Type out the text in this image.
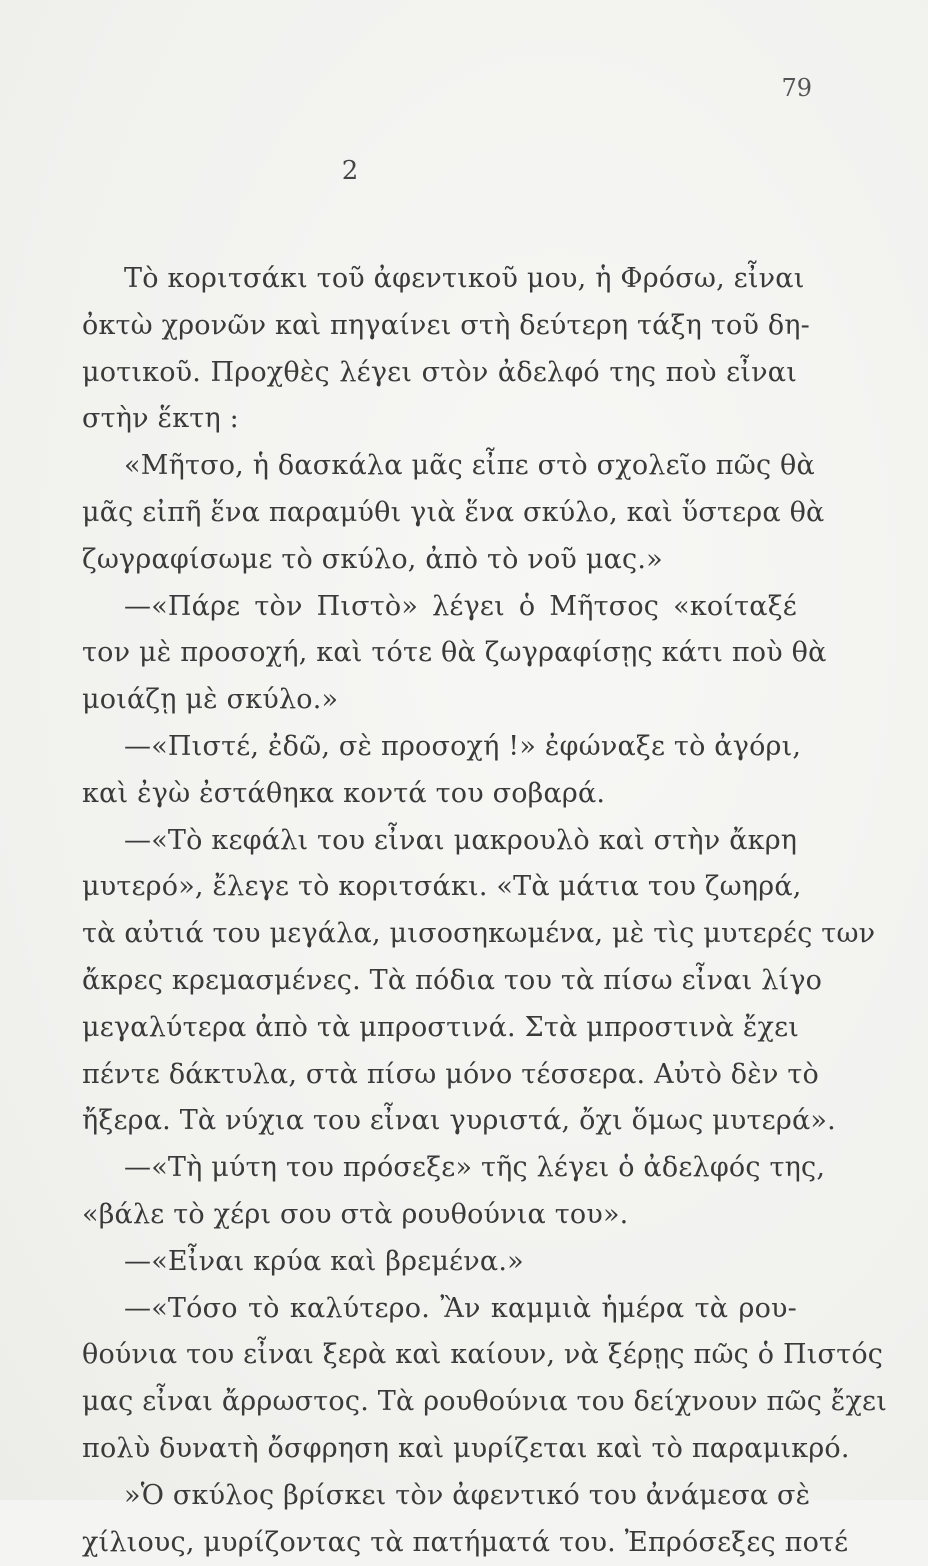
79
2
Τὸ κοριτσάκι τοῦ ἀφεντικοῦ μου, ἡ Φρόσω, εἶναι
ὀκτὼ χρονῶν καὶ πηγαίνει στὴ δεύτερη τάξη τοῦ δη-
μοτικοῦ. Προχθὲς λέγει στὸν ἀδελφό της ποὺ εἶναι
στὴν ἕκτη :
«Μῆτσο, ἡ δασκάλα μᾶς εἶπε στὸ σχολεῖο πῶς θὰ
μᾶς εἰπῆ ἕνα παραμύθι γιὰ ἕνα σκύλο, καὶ ὕστερα θὰ
ζωγραφίσωμε τὸ σκύλο, ἀπὸ τὸ νοῦ μας.»
—«Πάρε τὸν Πιστὸ» λέγει ὁ Μῆτσος «κοίταξέ
τον μὲ προσοχή, καὶ τότε θὰ ζωγραφίσῃς κάτι ποὺ θὰ
μοιάζῃ μὲ σκύλο.»
—«Πιστέ, ἐδῶ, σὲ προσοχή !» ἐφώναξε τὸ ἀγόρι,
καὶ ἐγὼ ἐστάθηκα κοντά του σοβαρά.
—«Τὸ κεφάλι του εἶναι μακρουλὸ καὶ στὴν ἄκρη
μυτερό», ἔλεγε τὸ κοριτσάκι. «Τὰ μάτια του ζωηρά,
τὰ αὐτιά του μεγάλα, μισοσηκωμένα, μὲ τὶς μυτερές των
ἄκρες κρεμασμένες. Τὰ πόδια του τὰ πίσω εἶναι λίγο
μεγαλύτερα ἀπὸ τὰ μπροστινά. Στὰ μπροστινὰ ἔχει
πέντε δάκτυλα, στὰ πίσω μόνο τέσσερα. Αὐτὸ δὲν τὸ
ἤξερα. Τὰ νύχια του εἶναι γυριστά, ὄχι ὅμως μυτερά».
—«Τὴ μύτη του πρόσεξε» τῆς λέγει ὁ ἀδελφός της,
«βάλε τὸ χέρι σου στὰ ρουθούνια του».
—«Εἶναι κρύα καὶ βρεμένα.»
—«Τόσο τὸ καλύτερο. Ἂν καμμιὰ ἡμέρα τὰ ρου-
θούνια του εἶναι ξερὰ καὶ καίουν, νὰ ξέρῃς πῶς ὁ Πιστός
μας εἶναι ἄρρωστος. Τὰ ρουθούνια του δείχνουν πῶς ἔχει
πολὺ δυνατὴ ὄσφρηση καὶ μυρίζεται καὶ τὸ παραμικρό.
»Ὁ σκύλος βρίσκει τὸν ἀφεντικό του ἀνάμεσα σὲ
χίλιους, μυρίζοντας τὰ πατήματά του. Ἐπρόσεξες ποτέ
